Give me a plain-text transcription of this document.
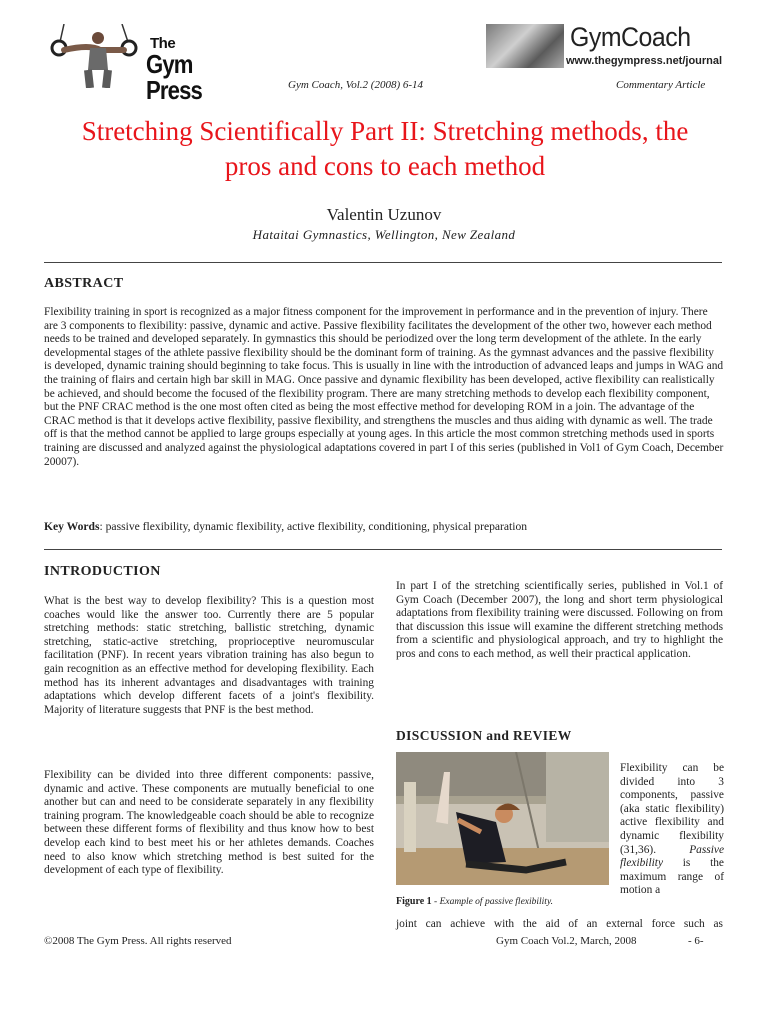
The
Gym Press
GymCoach
www.thegympress.net/journal
Gym Coach, Vol.2 (2008) 6-14	Commentary Article
Stretching Scientifically Part II: Stretching methods, the pros and cons to each method
Valentin Uzunov
Hataitai Gymnastics, Wellington, New Zealand
ABSTRACT
Flexibility training in sport is recognized as a major fitness component for the improvement in performance and in the prevention of injury. There are 3 components to flexibility: passive, dynamic and active. Passive flexibility facilitates the development of the other two, however each method needs to be trained and developed separately. In gymnastics this should be periodized over the long term development of the athlete. In the early developmental stages of the athlete passive flexibility should be the dominant form of training. As the gymnast advances and the passive flexibility is developed, dynamic training should beginning to take focus. This is usually in line with the introduction of advanced leaps and jumps in WAG and the training of flairs and certain high bar skill in MAG. Once passive and dynamic flexibility has been developed, active flexibility can realistically be achieved, and should become the focused of the flexibility program. There are many stretching methods to develop each flexibility component, but the PNF CRAC method is the one most often cited as being the most effective method for developing ROM in a join. The advantage of the CRAC method is that it develops active flexibility, passive flexibility, and strengthens the muscles and thus aiding with dynamic as well. The trade off is that the method cannot be applied to large groups especially at young ages. In this article the most common stretching methods used in sports training are discussed and analyzed against the physiological adaptations covered in part I of this series (published in Vol1 of Gym Coach, December 20007).
Key Words: passive flexibility, dynamic flexibility, active flexibility, conditioning, physical preparation
INTRODUCTION
What is the best way to develop flexibility? This is a question most coaches would like the answer too. Currently there are 5 popular stretching methods: static stretching, ballistic stretching, dynamic stretching, static-active stretching, proprioceptive neuromuscular facilitation (PNF). In recent years vibration training has also begun to gain recognition as an effective method for developing flexibility. Each method has its inherent advantages and disadvantages with training adaptations which develop different facets of a joint's flexibility. Majority of literature suggests that PNF is the best method.
Flexibility can be divided into three different components: passive, dynamic and active. These components are mutually beneficial to one another but can and need to be considerate separately in any flexibility training program. The knowledgeable coach should be able to recognize between these different forms of flexibility and thus know how to best develop each kind to best meet his or her athletes demands. Coaches need to also know which stretching method is best suited for the development of each type of flexibility.
In part I of the stretching scientifically series, published in Vol.1 of Gym Coach (December 2007), the long and short term physiological adaptations from flexibility training were discussed. Following on from that discussion this issue will examine the different stretching methods from a scientific and physiological approach, and try to highlight the pros and cons to each method, as well their practical application.
DISCUSSION and REVIEW
Figure 1 - Example of passive flexibility.
Flexibility can be divided into 3 components, passive (aka static flexibility) active flexibility and dynamic flexibility (31,36). Passive flexibility is the maximum range of motion a
joint can achieve with the aid of an external force such as
©2008 The Gym Press. All rights reserved	Gym Coach Vol.2, March, 2008	- 6-
